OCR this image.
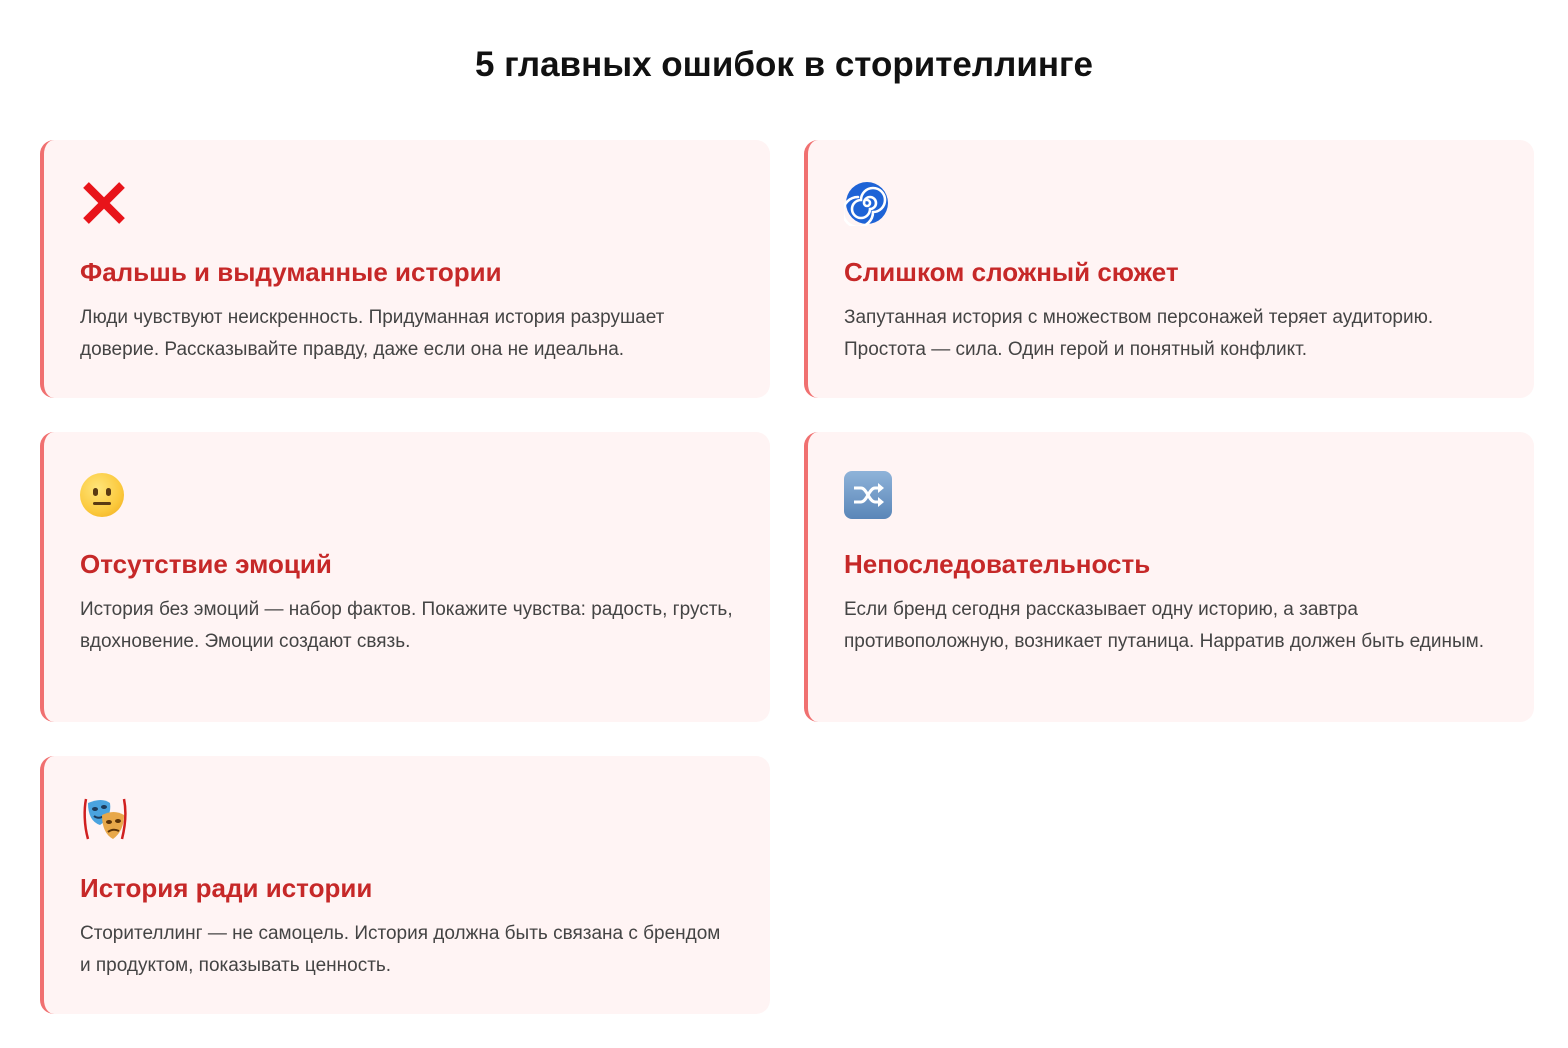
5 главных ошибок в сторителлинге
Фальшь и выдуманные истории

Люди чувствуют неискренность. Придуманная история разрушает доверие. Рассказывайте правду, даже если она не идеальна.

Слишком сложный сюжет

Запутанная история с множеством персонажей теряет аудиторию. Простота — сила. Один герой и понятный конфликт.

Отсутствие эмоций

История без эмоций — набор фактов. Покажите чувства: радость, грусть, вдохновение. Эмоции создают связь.

Непоследовательность

Если бренд сегодня рассказывает одну историю, а завтра противоположную, возникает путаница. Нарратив должен быть единым.

История ради истории

Сторителлинг — не самоцель. История должна быть связана с брендом и продуктом, показывать ценность.
